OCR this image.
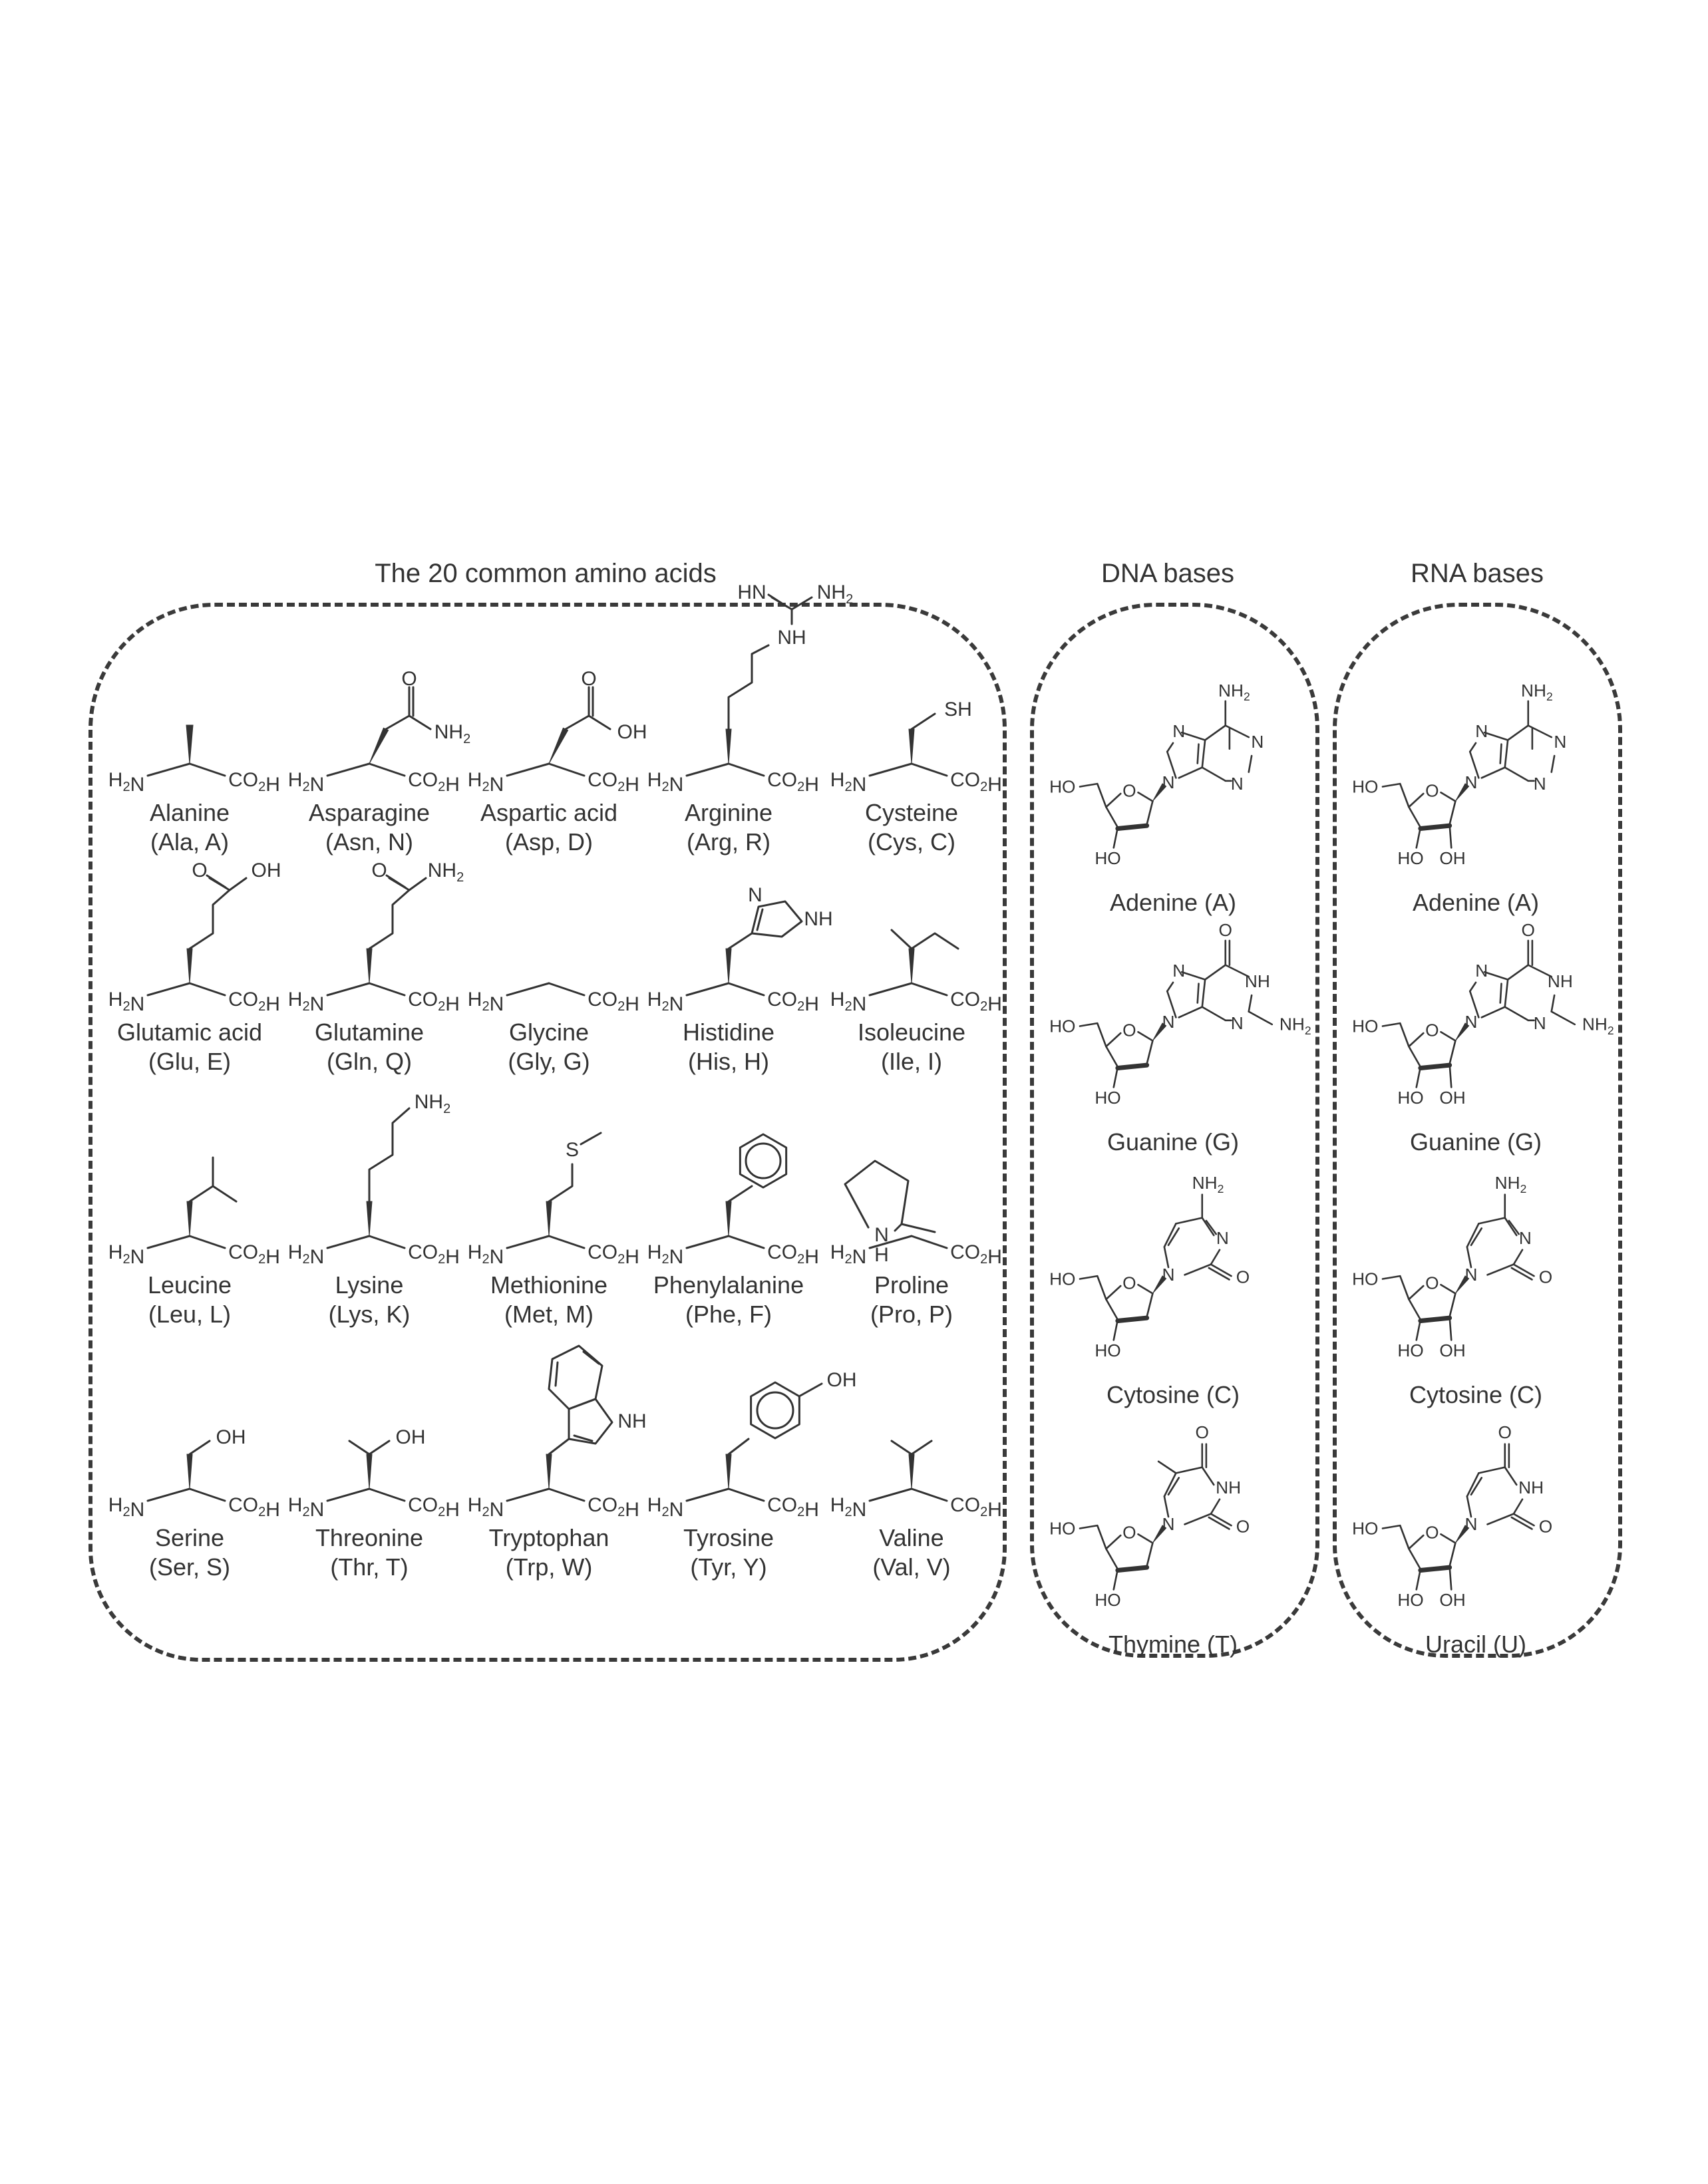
The 20 common amino acids	DNA bases	RNA bases
$H_2N$	$CO_2H$
Alanine
(Ala, A)
$H_2N$	$CO_2H$
O
$NH_2$
Asparagine
(Asn, N)
$H_2N$	$CO_2H$
O
OH
Aspartic acid
(Asp, D)
$H_2N$	$CO_2H$
NH
HN	$NH_2$
Arginine
(Arg, R)
$H_2N$	$CO_2H$
SH
Cysteine
(Cys, C)
$H_2N$	$CO_2H$
O OH
Glutamic acid
(Glu, E)
$H_2N$	$CO_2H$
O $NH_2$
Glutamine
(Gln, Q)
$H_2N$	$CO_2H$
Glycine
(Gly, G)
$H_2N$	$CO_2H$
N
NH
Histidine
(His, H)
$H_2N$	$CO_2H$
Isoleucine
(Ile, I)
$H_2N$	$CO_2H$
Leucine
(Leu, L)
$H_2N$	$CO_2H$
$NH_2$
Lysine
(Lys, K)
$H_2N$	$CO_2H$
S
Methionine
(Met, M)
$H_2N$	$CO_2H$
Phenylalanine
(Phe, F)
$H_2N$	$CO_2H$
N
H
Proline
(Pro, P)
$H_2N$	$CO_2H$
OH
Serine
(Ser, S)
$H_2N$	$CO_2H$
OH
Threonine
(Thr, T)
$H_2N$	$CO_2H$
NH
Tryptophan
(Trp, W)
$H_2N$	$CO_2H$
OH
Tyrosine
(Tyr, Y)
$H_2N$	$CO_2H$
Valine
(Val, V)
O
HO
HO
N
N
N
N
$NH_2$
Adenine (A)
O
HO
HO
N
N
NH
N
O
$NH_2$
Guanine (G)
O
HO
HO
N
$NH_2$
N
O
Cytosine (C)
O
HO
HO
N
O
NH
O
Thymine (T)
O
HO
HO OH
N
N
N
N
$NH_2$
Adenine (A)
O
HO
HO OH
N
N
NH
N
O
$NH_2$
Guanine (G)
O
HO
HO OH
N
$NH_2$
N
O
Cytosine (C)
O
HO
HO OH
N
O
NH
O
Uracil (U)
